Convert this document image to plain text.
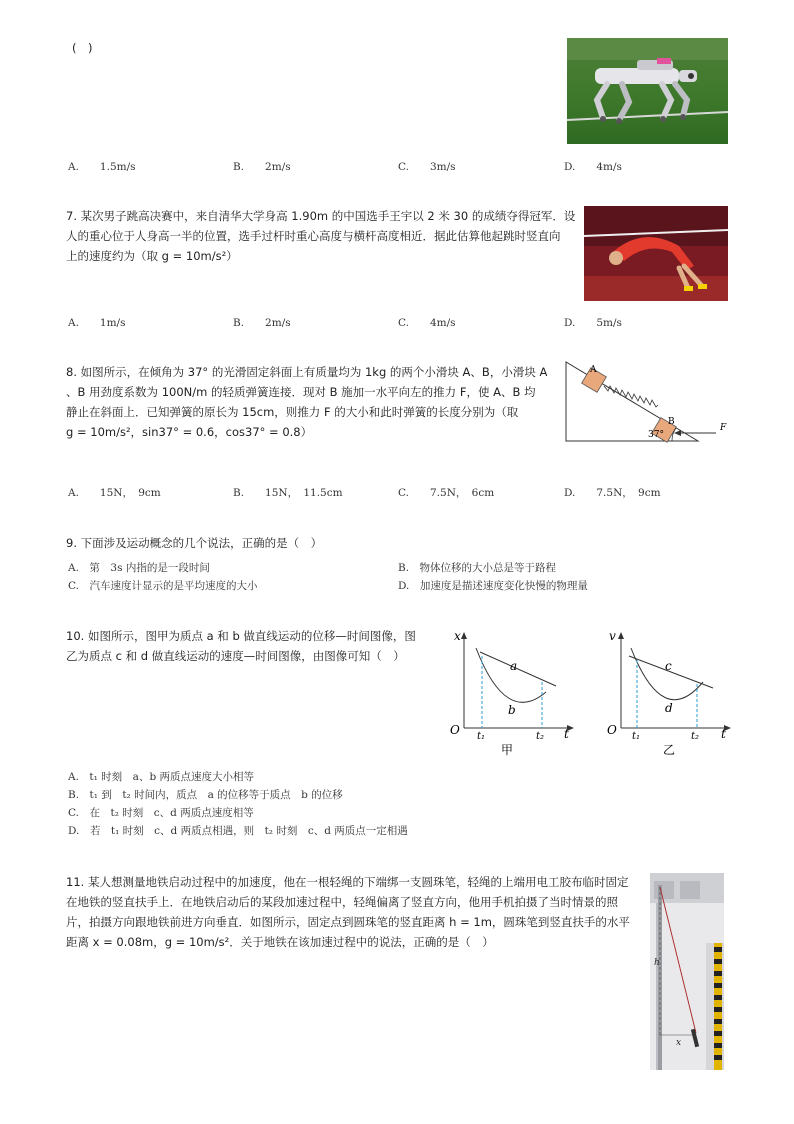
(　)
A.　　1.5m/s	B.　　2m/s	C.　　3m/s	D.　　4m/s
7. 某次男子跳高决赛中，来自清华大学身高 1.90m 的中国选手王宇以 2 米 30 的成绩夺得冠军．设
人的重心位于人身高一半的位置，选手过杆时重心高度与横杆高度相近．据此估算他起跳时竖直向
上的速度约为（取 g = 10m/s²）
A.　　1m/s	B.　　2m/s	C.　　4m/s	D.　　5m/s
8. 如图所示，在倾角为 37° 的光滑固定斜面上有质量均为 1kg 的两个小滑块 A、B，小滑块 A
、B 用劲度系数为 100N/m 的轻质弹簧连接．现对 B 施加一水平向左的推力 F，使 A、B 均
静止在斜面上．已知弹簧的原长为 15cm，则推力 F 的大小和此时弹簧的长度分别为（取
g = 10m/s²，sin37° = 0.6，cos37° = 0.8）
A
B
F
37°
A.　　15N，　9cm	B.　　15N，　11.5cm	C.　　7.5N，　6cm	D.　　7.5N，　9cm
9. 下面涉及运动概念的几个说法，正确的是（　）
A.　第　3s 内指的是一段时间	B.　物体位移的大小总是等于路程
C.　汽车速度计显示的是平均速度的大小	D.　加速度是描述速度变化快慢的物理量
10. 如图所示，图甲为质点 a 和 b 做直线运动的位移—时间图像，图
乙为质点 c 和 d 做直线运动的速度—时间图像，由图像可知（　）
O
x
t
t₁	t₂
a
b
甲
O
v
t
t₁	t₂
c
d
乙
A.　t₁ 时刻　a、b 两质点速度大小相等
B.　t₁ 到　t₂ 时间内，质点　a 的位移等于质点　b 的位移
C.　在　t₂ 时刻　c、d 两质点速度相等
D.　若　t₁ 时刻　c、d 两质点相遇，则　t₂ 时刻　c、d 两质点一定相遇
11. 某人想测量地铁启动过程中的加速度，他在一根轻绳的下端绑一支圆珠笔，轻绳的上端用电工胶布临时固定
在地铁的竖直扶手上．在地铁启动后的某段加速过程中，轻绳偏离了竖直方向，他用手机拍摄了当时情景的照
片，拍摄方向跟地铁前进方向垂直．如图所示，固定点到圆珠笔的竖直距离 h = 1m，圆珠笔到竖直扶手的水平
距离 x = 0.08m，g = 10m/s²．关于地铁在该加速过程中的说法，正确的是（　）
h
x
